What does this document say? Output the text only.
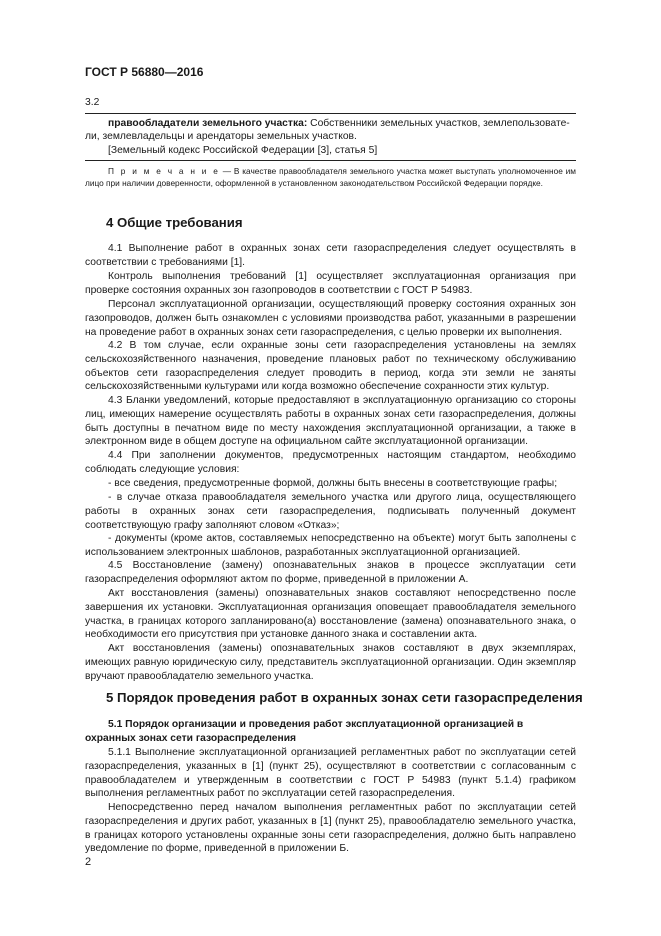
ГОСТ Р 56880—2016
3.2
правообладатели земельного участка: Собственники земельных участков, землепользовате-
ли, землевладельцы и арендаторы земельных участков.
[Земельный кодекс Российской Федерации [3], статья 5]
П р и м е ч а н и е — В качестве правообладателя земельного участка может выступать уполномоченное им лицо при наличии доверенности, оформленной в установленном законодательством Российской Федерации порядке.
4 Общие требования

4.1 Выполнение работ в охранных зонах сети газораспределения следует осуществлять в соответствии с требованиями [1].

Контроль выполнения требований [1] осуществляет эксплуатационная организация при проверке состояния охранных зон газопроводов в соответствии с ГОСТ Р 54983.

Персонал эксплуатационной организации, осуществляющий проверку состояния охранных зон газопроводов, должен быть ознакомлен с условиями производства работ, указанными в разрешении на проведение работ в охранных зонах сети газораспределения, с целью проверки их выполнения.

4.2 В том случае, если охранные зоны сети газораспределения установлены на землях сельскохозяйственного назначения, проведение плановых работ по техническому обслуживанию объектов сети газораспределения следует проводить в период, когда эти земли не заняты сельскохозяйственными культурами или когда возможно обеспечение сохранности этих культур.

4.3 Бланки уведомлений, которые предоставляют в эксплуатационную организацию со стороны лиц, имеющих намерение осуществлять работы в охранных зонах сети газораспределения, должны быть доступны в печатном виде по месту нахождения эксплуатационной организации, а также в электронном виде в общем доступе на официальном сайте эксплуатационной организации.

4.4 При заполнении документов, предусмотренных настоящим стандартом, необходимо соблюдать следующие условия:

- все сведения, предусмотренные формой, должны быть внесены в соответствующие графы;

- в случае отказа правообладателя земельного участка или другого лица, осуществляющего работы в охранных зонах сети газораспределения, подписывать полученный документ соответствующую графу заполняют словом «Отказ»;

- документы (кроме актов, составляемых непосредственно на объекте) могут быть заполнены с использованием электронных шаблонов, разработанных эксплуатационной организацией.

4.5 Восстановление (замену) опознавательных знаков в процессе эксплуатации сети газораспределения оформляют актом по форме, приведенной в приложении А.

Акт восстановления (замены) опознавательных знаков составляют непосредственно после завершения их установки. Эксплуатационная организация оповещает правообладателя земельного участка, в границах которого запланировано(а) восстановление (замена) опознавательного знака, о необходимости его присутствия при установке данного знака и составлении акта.

Акт восстановления (замены) опознавательных знаков составляют в двух экземплярах, имеющих равную юридическую силу, представитель эксплуатационной организации. Один экземпляр вручают правообладателю земельного участка.

5 Порядок проведения работ в охранных зонах сети газораспределения

5.1 Порядок организации и проведения работ эксплуатационной организацией в охранных зонах сети газораспределения

5.1.1 Выполнение эксплуатационной организацией регламентных работ по эксплуатации сетей газораспределения, указанных в [1] (пункт 25), осуществляют в соответствии с согласованным с правообладателем и утвержденным в соответствии с ГОСТ Р 54983 (пункт 5.1.4) графиком выполнения регламентных работ по эксплуатации сетей газораспределения.

Непосредственно перед началом выполнения регламентных работ по эксплуатации сетей газораспределения и других работ, указанных в [1] (пункт 25), правообладателю земельного участка, в границах которого установлены охранные зоны сети газораспределения, должно быть направлено уведомление по форме, приведенной в приложении Б.

2
